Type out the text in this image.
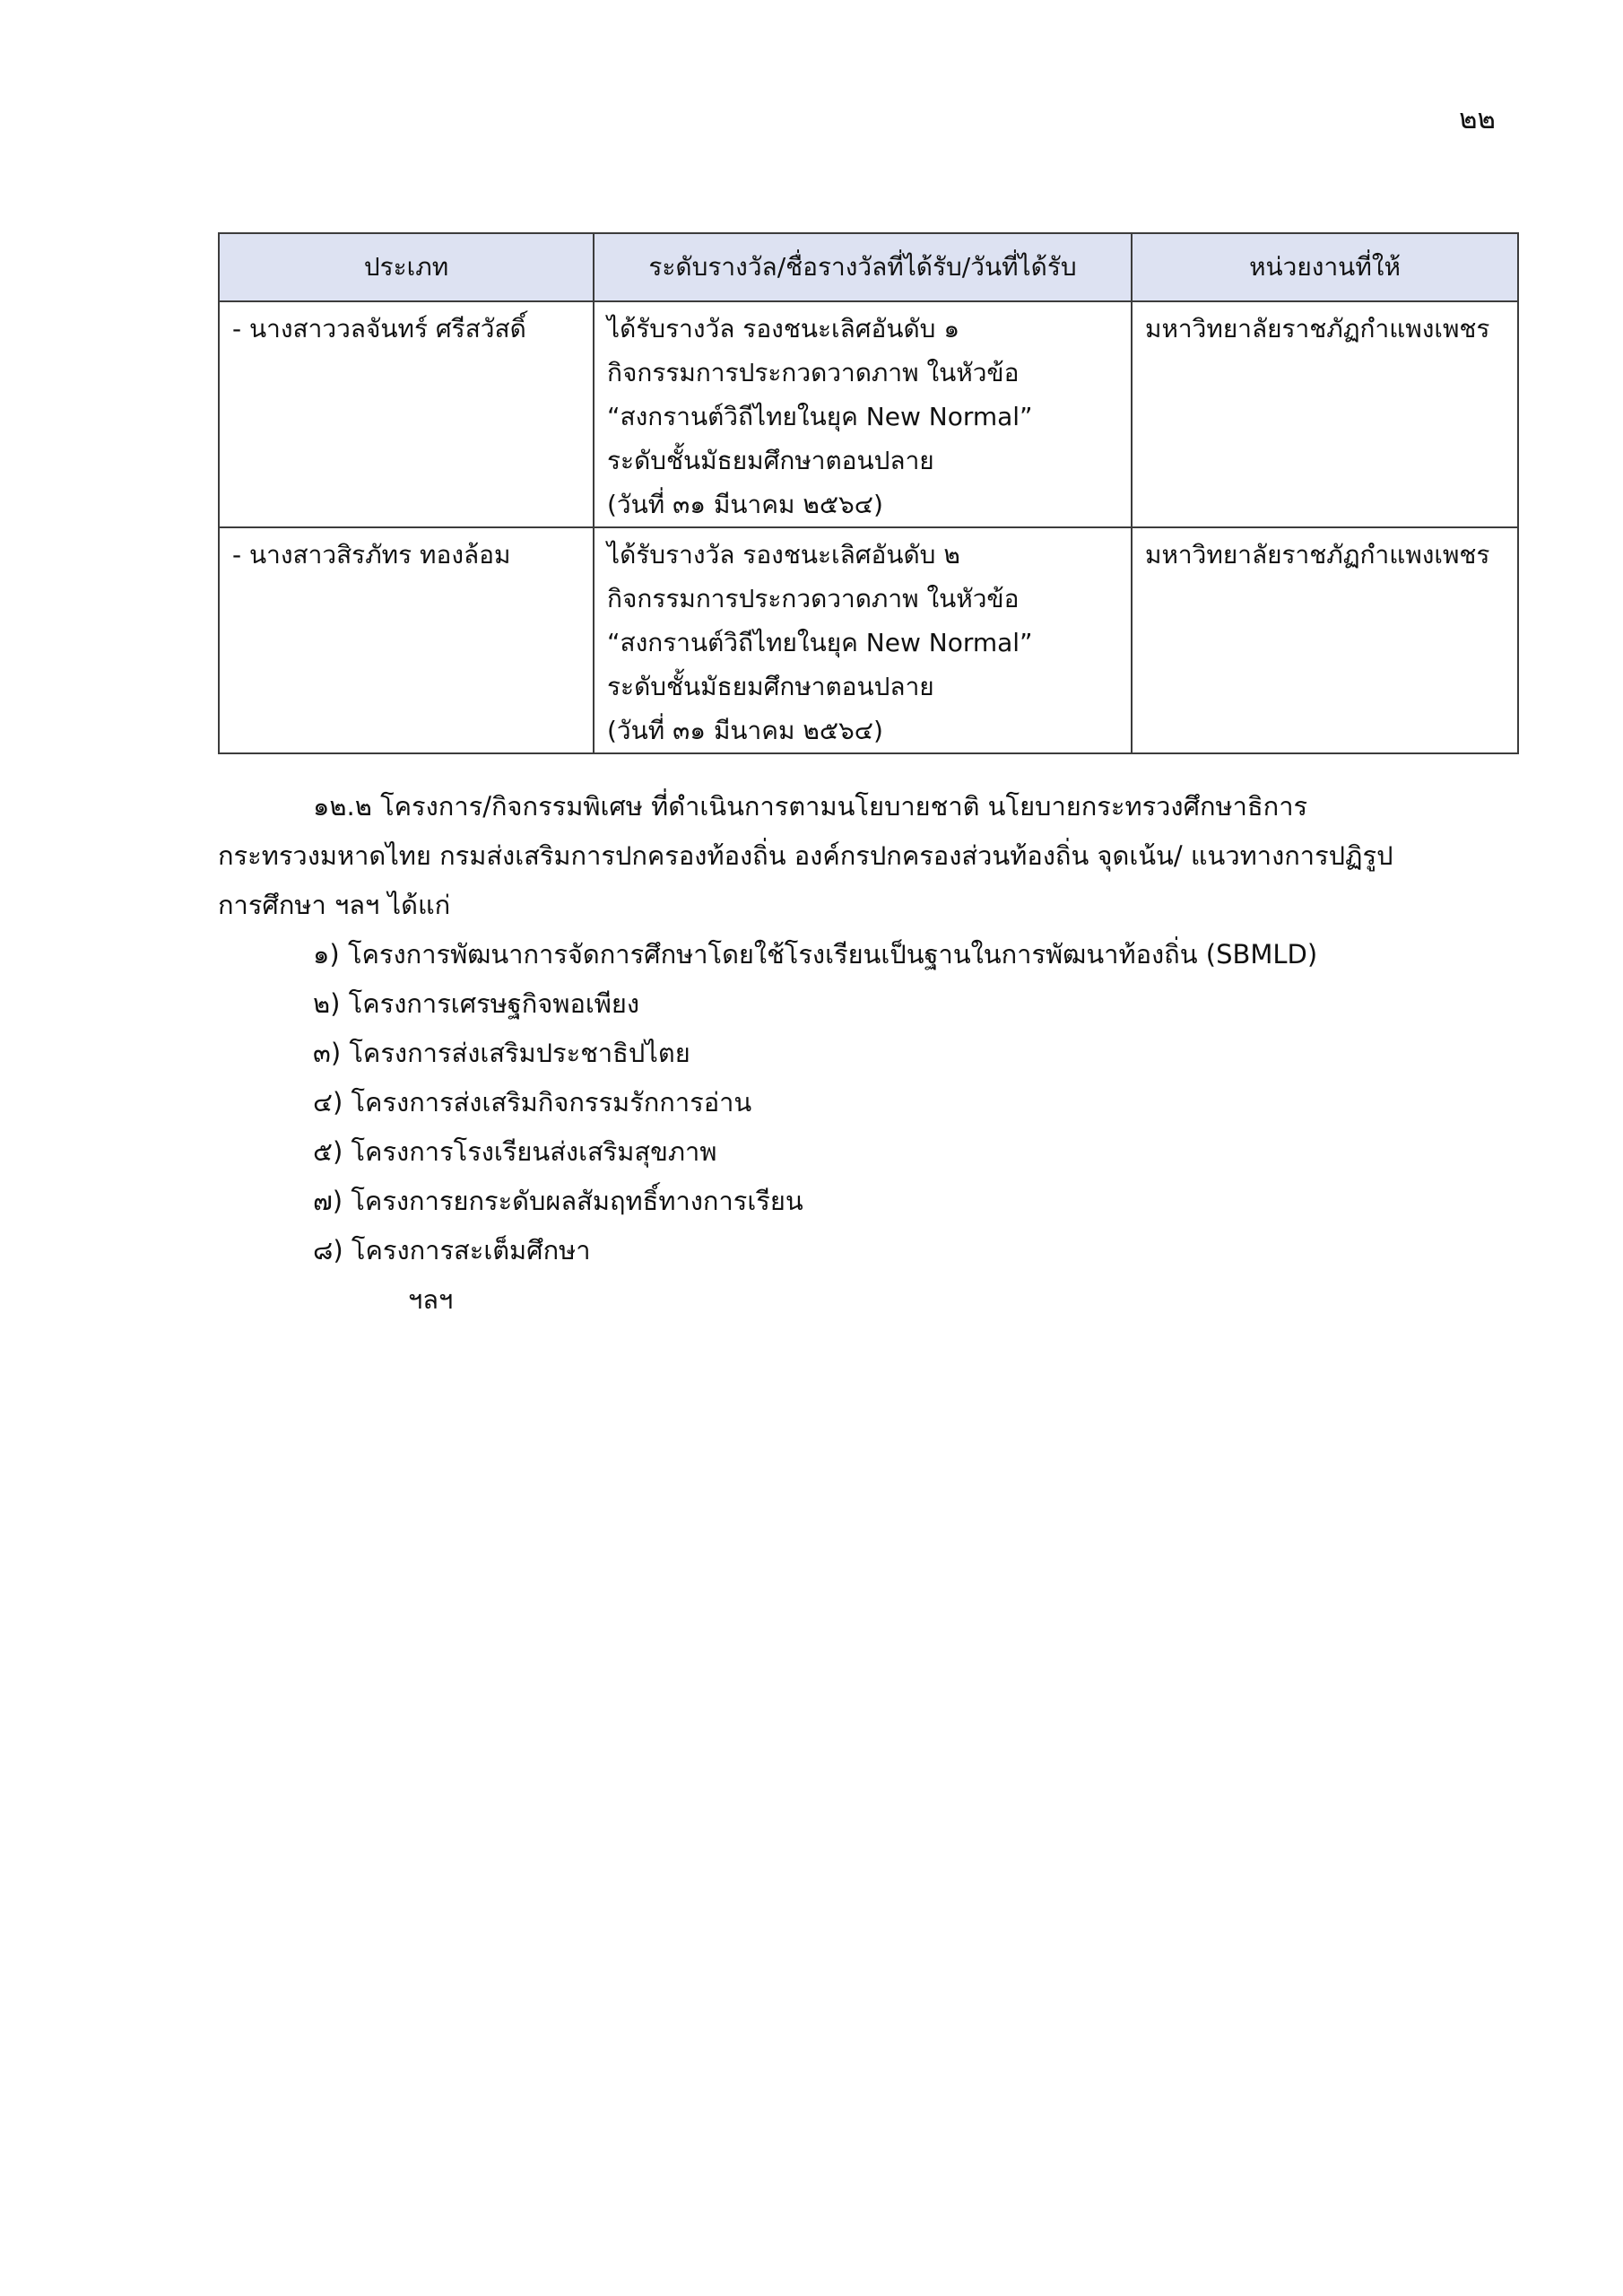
๒๒
ประเภท	ระดับรางวัล/ชื่อรางวัลที่ได้รับ/วันที่ได้รับ	หน่วยงานที่ให้

- นางสาววลจันทร์ ศรีสวัสดิ์	ได้รับรางวัล รองชนะเลิศอันดับ ๑
กิจกรรมการประกวดวาดภาพ ในหัวข้อ
“สงกรานต์วิถีไทยในยุค New Normal”
ระดับชั้นมัธยมศึกษาตอนปลาย
(วันที่ ๓๑ มีนาคม ๒๕๖๔)	มหาวิทยาลัยราชภัฏกำแพงเพชร

- นางสาวสิรภัทร ทองล้อม	ได้รับรางวัล รองชนะเลิศอันดับ ๒
กิจกรรมการประกวดวาดภาพ ในหัวข้อ
“สงกรานต์วิถีไทยในยุค New Normal”
ระดับชั้นมัธยมศึกษาตอนปลาย
(วันที่ ๓๑ มีนาคม ๒๕๖๔)	มหาวิทยาลัยราชภัฏกำแพงเพชร
๑๒.๒ โครงการ/กิจกรรมพิเศษ ที่ดำเนินการตามนโยบายชาติ นโยบายกระทรวงศึกษาธิการ
กระทรวงมหาดไทย กรมส่งเสริมการปกครองท้องถิ่น องค์กรปกครองส่วนท้องถิ่น จุดเน้น/ แนวทางการปฏิรูป
การศึกษา ฯลฯ ได้แก่
๑) โครงการพัฒนาการจัดการศึกษาโดยใช้โรงเรียนเป็นฐานในการพัฒนาท้องถิ่น (SBMLD)
๒) โครงการเศรษฐกิจพอเพียง
๓) โครงการส่งเสริมประชาธิปไตย
๔) โครงการส่งเสริมกิจกรรมรักการอ่าน
๕) โครงการโรงเรียนส่งเสริมสุขภาพ
๗) โครงการยกระดับผลสัมฤทธิ์ทางการเรียน
๘) โครงการสะเต็มศึกษา
ฯลฯ
